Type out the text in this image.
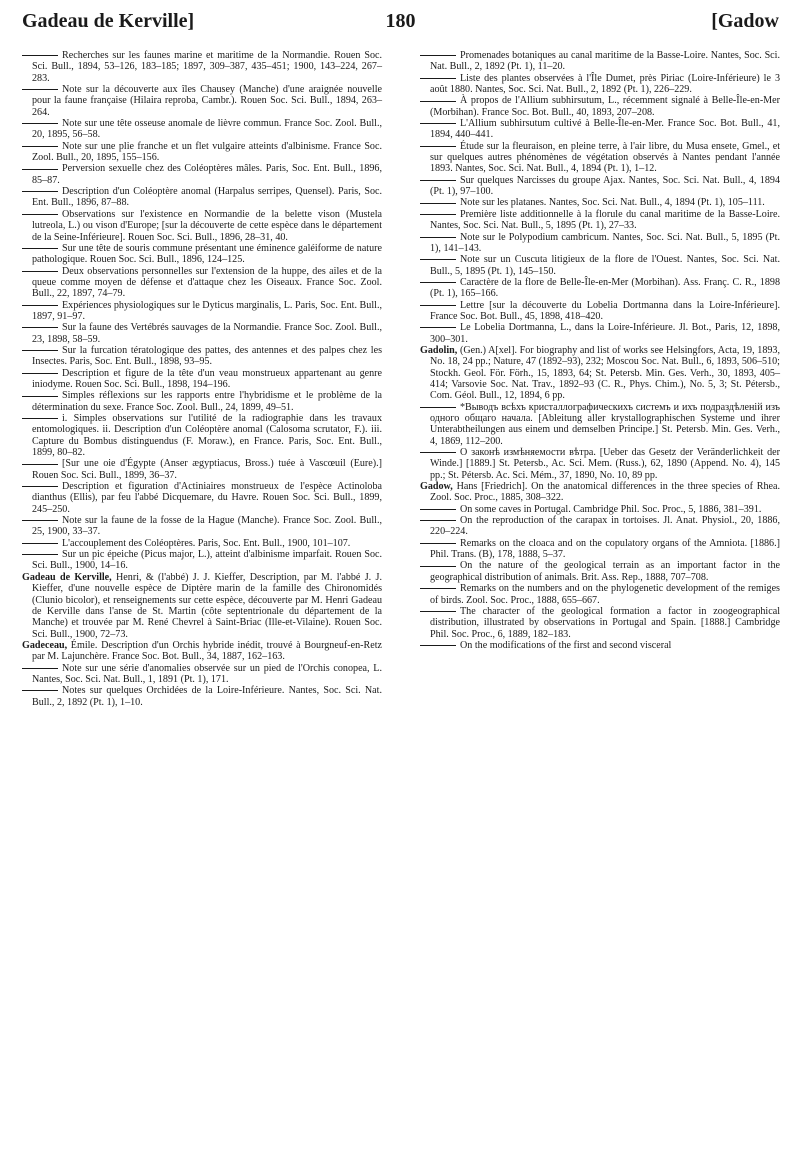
Gadeau de Kerville]	180	[Gadow

Recherches sur les faunes marine et maritime de la Normandie. Rouen Soc. Sci. Bull., 1894, 53–126, 183–185; 1897, 309–387, 435–451; 1900, 143–224, 267–283.

Note sur la découverte aux îles Chausey (Manche) d'une araignée nouvelle pour la faune française (Hilaira reproba, Cambr.). Rouen Soc. Sci. Bull., 1894, 263–264.

Note sur une tête osseuse anomale de lièvre commun. France Soc. Zool. Bull., 20, 1895, 56–58.

Note sur une plie franche et un flet vulgaire atteints d'albinisme. France Soc. Zool. Bull., 20, 1895, 155–156.

Perversion sexuelle chez des Coléoptères mâles. Paris, Soc. Ent. Bull., 1896, 85–87.

Description d'un Coléoptère anomal (Harpalus serripes, Quensel). Paris, Soc. Ent. Bull., 1896, 87–88.

Observations sur l'existence en Normandie de la belette vison (Mustela lutreola, L.) ou vison d'Europe; [sur la découverte de cette espèce dans le département de la Seine-Inférieure]. Rouen Soc. Sci. Bull., 1896, 28–31, 40.

Sur une tête de souris commune présentant une éminence galéiforme de nature pathologique. Rouen Soc. Sci. Bull., 1896, 124–125.

Deux observations personnelles sur l'extension de la huppe, des ailes et de la queue comme moyen de défense et d'attaque chez les Oiseaux. France Soc. Zool. Bull., 22, 1897, 74–79.

Expériences physiologiques sur le Dyticus marginalis, L. Paris, Soc. Ent. Bull., 1897, 91–97.

Sur la faune des Vertébrés sauvages de la Normandie. France Soc. Zool. Bull., 23, 1898, 58–59.

Sur la furcation tératologique des pattes, des antennes et des palpes chez les Insectes. Paris, Soc. Ent. Bull., 1898, 93–95.

Description et figure de la tête d'un veau monstrueux appartenant au genre iniodyme. Rouen Soc. Sci. Bull., 1898, 194–196.

Simples réflexions sur les rapports entre l'hybridisme et le problème de la détermination du sexe. France Soc. Zool. Bull., 24, 1899, 49–51.

i. Simples observations sur l'utilité de la radiographie dans les travaux entomologiques. ii. Description d'un Coléoptère anomal (Calosoma scrutator, F.). iii. Capture du Bombus distinguendus (F. Moraw.), en France. Paris, Soc. Ent. Bull., 1899, 80–82.

[Sur une oie d'Égypte (Anser ægyptiacus, Bross.) tuée à Vascœuil (Eure).] Rouen Soc. Sci. Bull., 1899, 36–37.

Description et figuration d'Actiniaires monstrueux de l'espèce Actinoloba dianthus (Ellis), par feu l'abbé Dicquemare, du Havre. Rouen Soc. Sci. Bull., 1899, 245–250.

Note sur la faune de la fosse de la Hague (Manche). France Soc. Zool. Bull., 25, 1900, 33–37.

L'accouplement des Coléoptères. Paris, Soc. Ent. Bull., 1900, 101–107.

Sur un pic épeiche (Picus major, L.), atteint d'albinisme imparfait. Rouen Soc. Sci. Bull., 1900, 14–16.

Gadeau de Kerville, Henri, & (l'abbé) J. J. Kieffer, Description, par M. l'abbé J. J. Kieffer, d'une nouvelle espèce de Diptère marin de la famille des Chironomidés (Clunio bicolor), et renseignements sur cette espèce, découverte par M. Henri Gadeau de Kerville dans l'anse de St. Martin (côte septentrionale du département de la Manche) et trouvée par M. René Chevrel à Saint-Briac (Ille-et-Vilaine). Rouen Soc. Sci. Bull., 1900, 72–73.

Gadeceau, Émile. Description d'un Orchis hybride inédit, trouvé à Bourgneuf-en-Retz par M. Lajunchère. France Soc. Bot. Bull., 34, 1887, 162–163.

Note sur une série d'anomalies observée sur un pied de l'Orchis conopea, L. Nantes, Soc. Sci. Nat. Bull., 1, 1891 (Pt. 1), 171.

Notes sur quelques Orchidées de la Loire-Inférieure. Nantes, Soc. Sci. Nat. Bull., 2, 1892 (Pt. 1), 1–10.

Promenades botaniques au canal maritime de la Basse-Loire. Nantes, Soc. Sci. Nat. Bull., 2, 1892 (Pt. 1), 11–20.

Liste des plantes observées à l'Île Dumet, près Piriac (Loire-Inférieure) le 3 août 1880. Nantes, Soc. Sci. Nat. Bull., 2, 1892 (Pt. 1), 226–229.

À propos de l'Allium subhirsutum, L., récemment signalé à Belle-Île-en-Mer (Morbihan). France Soc. Bot. Bull., 40, 1893, 207–208.

L'Allium subhirsutum cultivé à Belle-Île-en-Mer. France Soc. Bot. Bull., 41, 1894, 440–441.

Étude sur la fleuraison, en pleine terre, à l'air libre, du Musa ensete, Gmel., et sur quelques autres phénomènes de végétation observés à Nantes pendant l'année 1893. Nantes, Soc. Sci. Nat. Bull., 4, 1894 (Pt. 1), 1–12.

Sur quelques Narcisses du groupe Ajax. Nantes, Soc. Sci. Nat. Bull., 4, 1894 (Pt. 1), 97–100.

Note sur les platanes. Nantes, Soc. Sci. Nat. Bull., 4, 1894 (Pt. 1), 105–111.

Première liste additionnelle à la florule du canal maritime de la Basse-Loire. Nantes, Soc. Sci. Nat. Bull., 5, 1895 (Pt. 1), 27–33.

Note sur le Polypodium cambricum. Nantes, Soc. Sci. Nat. Bull., 5, 1895 (Pt. 1), 141–143.

Note sur un Cuscuta litigieux de la flore de l'Ouest. Nantes, Soc. Sci. Nat. Bull., 5, 1895 (Pt. 1), 145–150.

Caractère de la flore de Belle-Île-en-Mer (Morbihan). Ass. Franç. C. R., 1898 (Pt. 1), 165–166.

Lettre [sur la découverte du Lobelia Dortmanna dans la Loire-Inférieure]. France Soc. Bot. Bull., 45, 1898, 418–420.

Le Lobelia Dortmanna, L., dans la Loire-Inférieure. Jl. Bot., Paris, 12, 1898, 300–301.

Gadolin, (Gen.) A[xel]. For biography and list of works see Helsingfors, Acta, 19, 1893, No. 18, 24 pp.; Nature, 47 (1892–93), 232; Moscou Soc. Nat. Bull., 6, 1893, 506–510; Stockh. Geol. För. Förh., 15, 1893, 64; St. Petersb. Min. Ges. Verh., 30, 1893, 405–414; Varsovie Soc. Nat. Trav., 1892–93 (C. R., Phys. Chim.), No. 5, 3; St. Pétersb., Com. Géol. Bull., 12, 1894, 6 pp.

*Выводъ всѣхъ кристаллографическихъ системъ и ихъ подраздѣленій изъ одного общаго начала. [Ableitung aller krystallographischen Systeme und ihrer Unterabtheilungen aus einem und demselben Principe.] St. Petersb. Min. Ges. Verh., 4, 1869, 112–200.

О законѣ измѣняемости вѣтра. [Ueber das Gesetz der Veränderlichkeit der Winde.] [1889.] St. Petersb., Ac. Sci. Mem. (Russ.), 62, 1890 (Append. No. 4), 145 pp.; St. Pétersb. Ac. Sci. Mém., 37, 1890, No. 10, 89 pp.

Gadow, Hans [Friedrich]. On the anatomical differences in the three species of Rhea. Zool. Soc. Proc., 1885, 308–322.

On some caves in Portugal. Cambridge Phil. Soc. Proc., 5, 1886, 381–391.

On the reproduction of the carapax in tortoises. Jl. Anat. Physiol., 20, 1886, 220–224.

Remarks on the cloaca and on the copulatory organs of the Amniota. [1886.] Phil. Trans. (B), 178, 1888, 5–37.

On the nature of the geological terrain as an important factor in the geographical distribution of animals. Brit. Ass. Rep., 1888, 707–708.

Remarks on the numbers and on the phylogenetic development of the remiges of birds. Zool. Soc. Proc., 1888, 655–667.

The character of the geological formation a factor in zoogeographical distribution, illustrated by observations in Portugal and Spain. [1888.] Cambridge Phil. Soc. Proc., 6, 1889, 182–183.

On the modifications of the first and second visceral
